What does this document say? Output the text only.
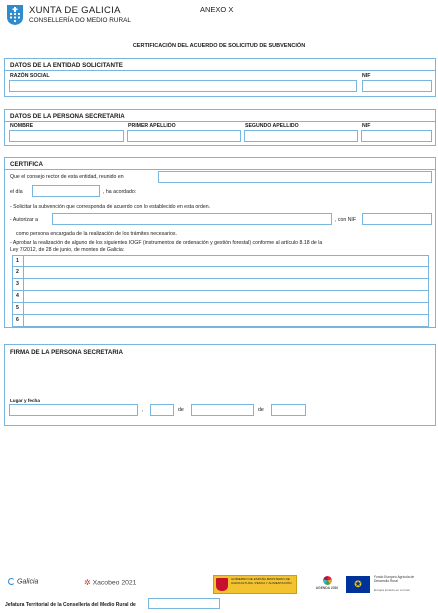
XUNTA DE GALICIA
CONSELLERÍA DO MEDIO RURAL
ANEXO X
CERTIFICACIÓN DEL ACUERDO DE SOLICITUD DE SUBVENCIÓN
DATOS DE LA ENTIDAD SOLICITANTE
RAZÓN SOCIAL	NIF
DATOS DE LA PERSONA SECRETARIA
NOMBRE	PRIMER APELLIDO	SEGUNDO APELLIDO	NIF
CERTIFICA
Que el consejo rector de esta entidad, reunido en
el día	, ha acordado:
- Solicitar la subvención que corresponda de acuerdo con lo establecido en esta orden.
- Autorizar a	, con NIF
como persona encargada de la realización de los trámites necesarios.
- Aprobar la realización de alguno de los siguientes IOGF (instrumentos de ordenación y gestión forestal) conforme al artículo 8.18 de la
Ley 7/2012, de 28 de junio, de montes de Galicia:
1
2
3
4
5
6
FIRMA DE LA PERSONA SECRETARIA
Lugar y fecha
,	de	de
Galicia	✲ Xacobeo 2021
GOBIERNO DE ESPAÑA MINISTERIO DE AGRICULTURA, PESCA Y ALIMENTACIÓN
AGENDA 2030	✪
Fondo Europeo Agrícola de Desarrollo Rural
Europa invierte en el rural
Jefatura Territorial de la Consellería del Medio Rural de
